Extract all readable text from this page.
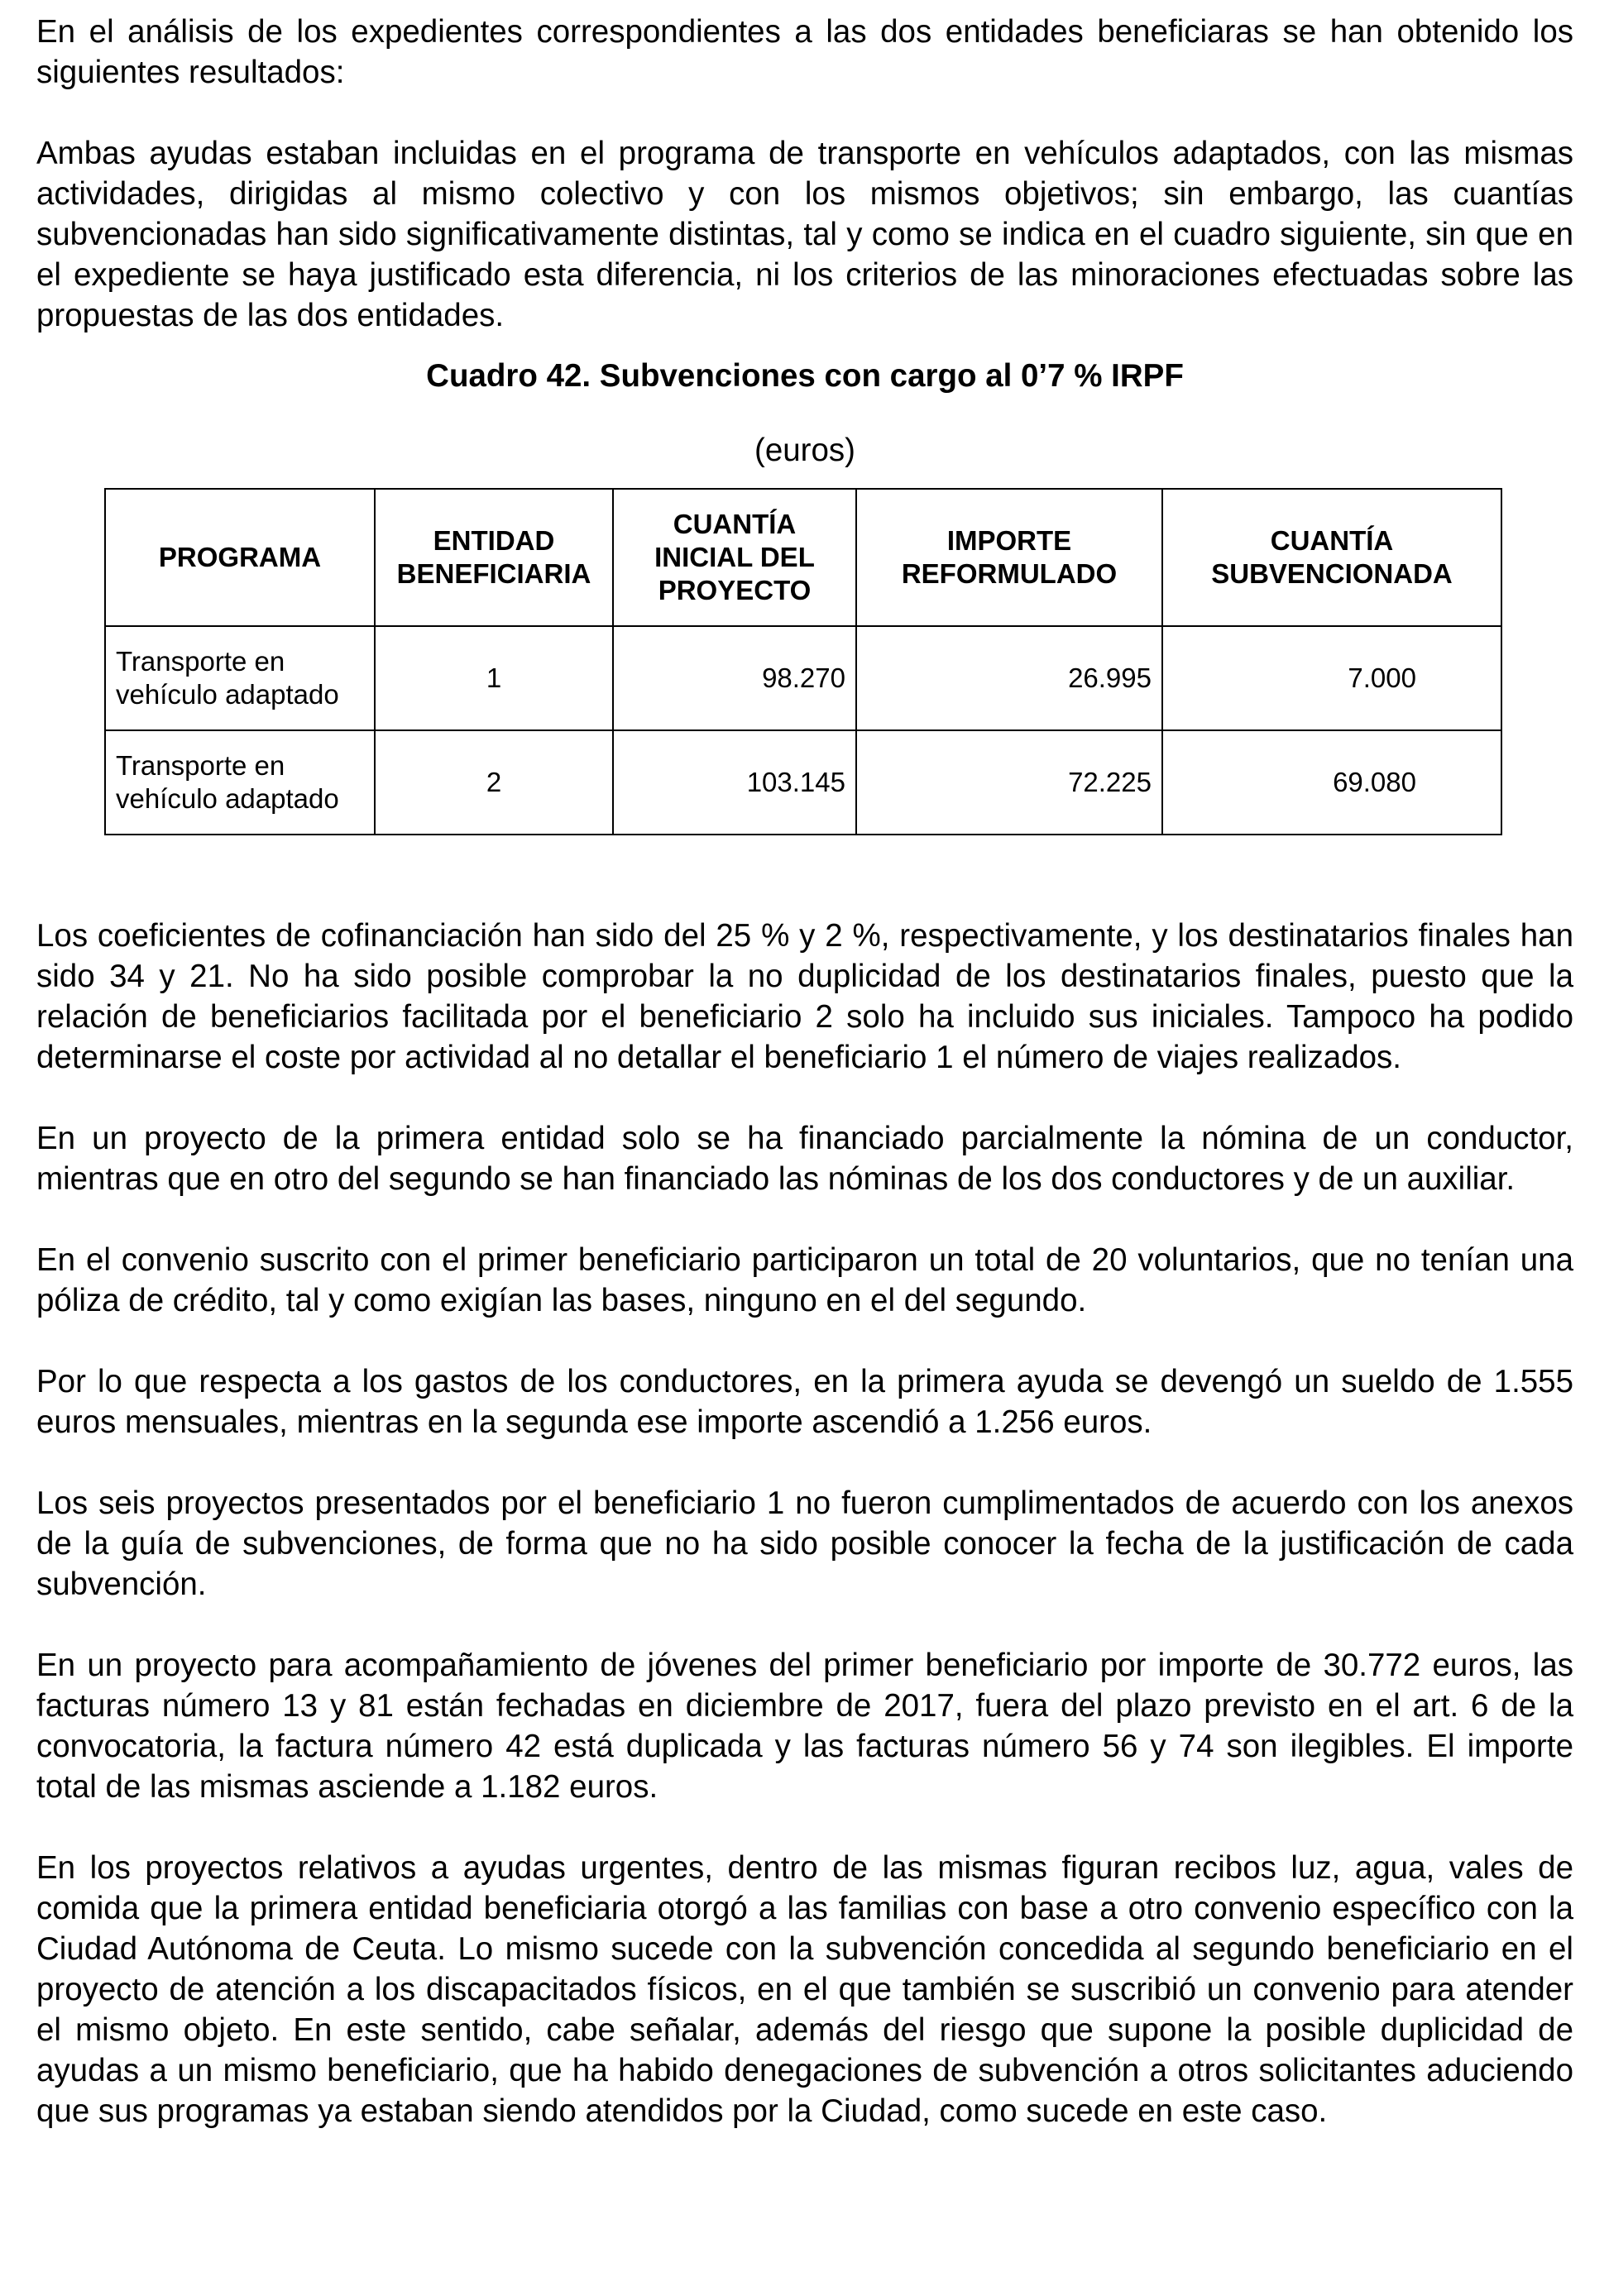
En el análisis de los expedientes correspondientes a las dos entidades beneficiaras se han obtenido los siguientes resultados:

Ambas ayudas estaban incluidas en el programa de transporte en vehículos adaptados, con las mismas actividades, dirigidas al mismo colectivo y con los mismos objetivos; sin embargo, las cuantías subvencionadas han sido significativamente distintas, tal y como se indica en el cuadro siguiente, sin que en el expediente se haya justificado esta diferencia, ni los criterios de las minoraciones efectuadas sobre las propuestas de las dos entidades.

Cuadro 42. Subvenciones con cargo al 0’7 % IRPF

(euros)

PROGRAMA	ENTIDAD BENEFICIARIA	CUANTÍA INICIAL DEL PROYECTO	IMPORTE REFORMULADO	CUANTÍA SUBVENCIONADA
Transporte en vehículo adaptado	1	98.270	26.995	7.000
Transporte en vehículo adaptado	2	103.145	72.225	69.080

Los coeficientes de cofinanciación han sido del 25 % y 2 %, respectivamente, y los destinatarios finales han sido 34 y 21. No ha sido posible comprobar la no duplicidad de los destinatarios finales, puesto que la relación de beneficiarios facilitada por el beneficiario 2 solo ha incluido sus iniciales. Tampoco ha podido determinarse el coste por actividad al no detallar el beneficiario 1 el número de viajes realizados.

En un proyecto de la primera entidad solo se ha financiado parcialmente la nómina de un conductor, mientras que en otro del segundo se han financiado las nóminas de los dos conductores y de un auxiliar.

En el convenio suscrito con el primer beneficiario participaron un total de 20 voluntarios, que no tenían una póliza de crédito, tal y como exigían las bases, ninguno en el del segundo.

Por lo que respecta a los gastos de los conductores, en la primera ayuda se devengó un sueldo de 1.555 euros mensuales, mientras en la segunda ese importe ascendió a 1.256 euros.

Los seis proyectos presentados por el beneficiario 1 no fueron cumplimentados de acuerdo con los anexos de la guía de subvenciones, de forma que no ha sido posible conocer la fecha de la justificación de cada subvención.

En un proyecto para acompañamiento de jóvenes del primer beneficiario por importe de 30.772 euros, las facturas número 13 y 81 están fechadas en diciembre de 2017, fuera del plazo previsto en el art. 6 de la convocatoria, la factura número 42 está duplicada y las facturas número 56 y 74 son ilegibles. El importe total de las mismas asciende a 1.182 euros.

En los proyectos relativos a ayudas urgentes, dentro de las mismas figuran recibos luz, agua, vales de comida que la primera entidad beneficiaria otorgó a las familias con base a otro convenio específico con la Ciudad Autónoma de Ceuta. Lo mismo sucede con la subvención concedida al segundo beneficiario en el proyecto de atención a los discapacitados físicos, en el que también se suscribió un convenio para atender el mismo objeto. En este sentido, cabe señalar, además del riesgo que supone la posible duplicidad de ayudas a un mismo beneficiario, que ha habido denegaciones de subvención a otros solicitantes aduciendo que sus programas ya estaban siendo atendidos por la Ciudad, como sucede en este caso.
